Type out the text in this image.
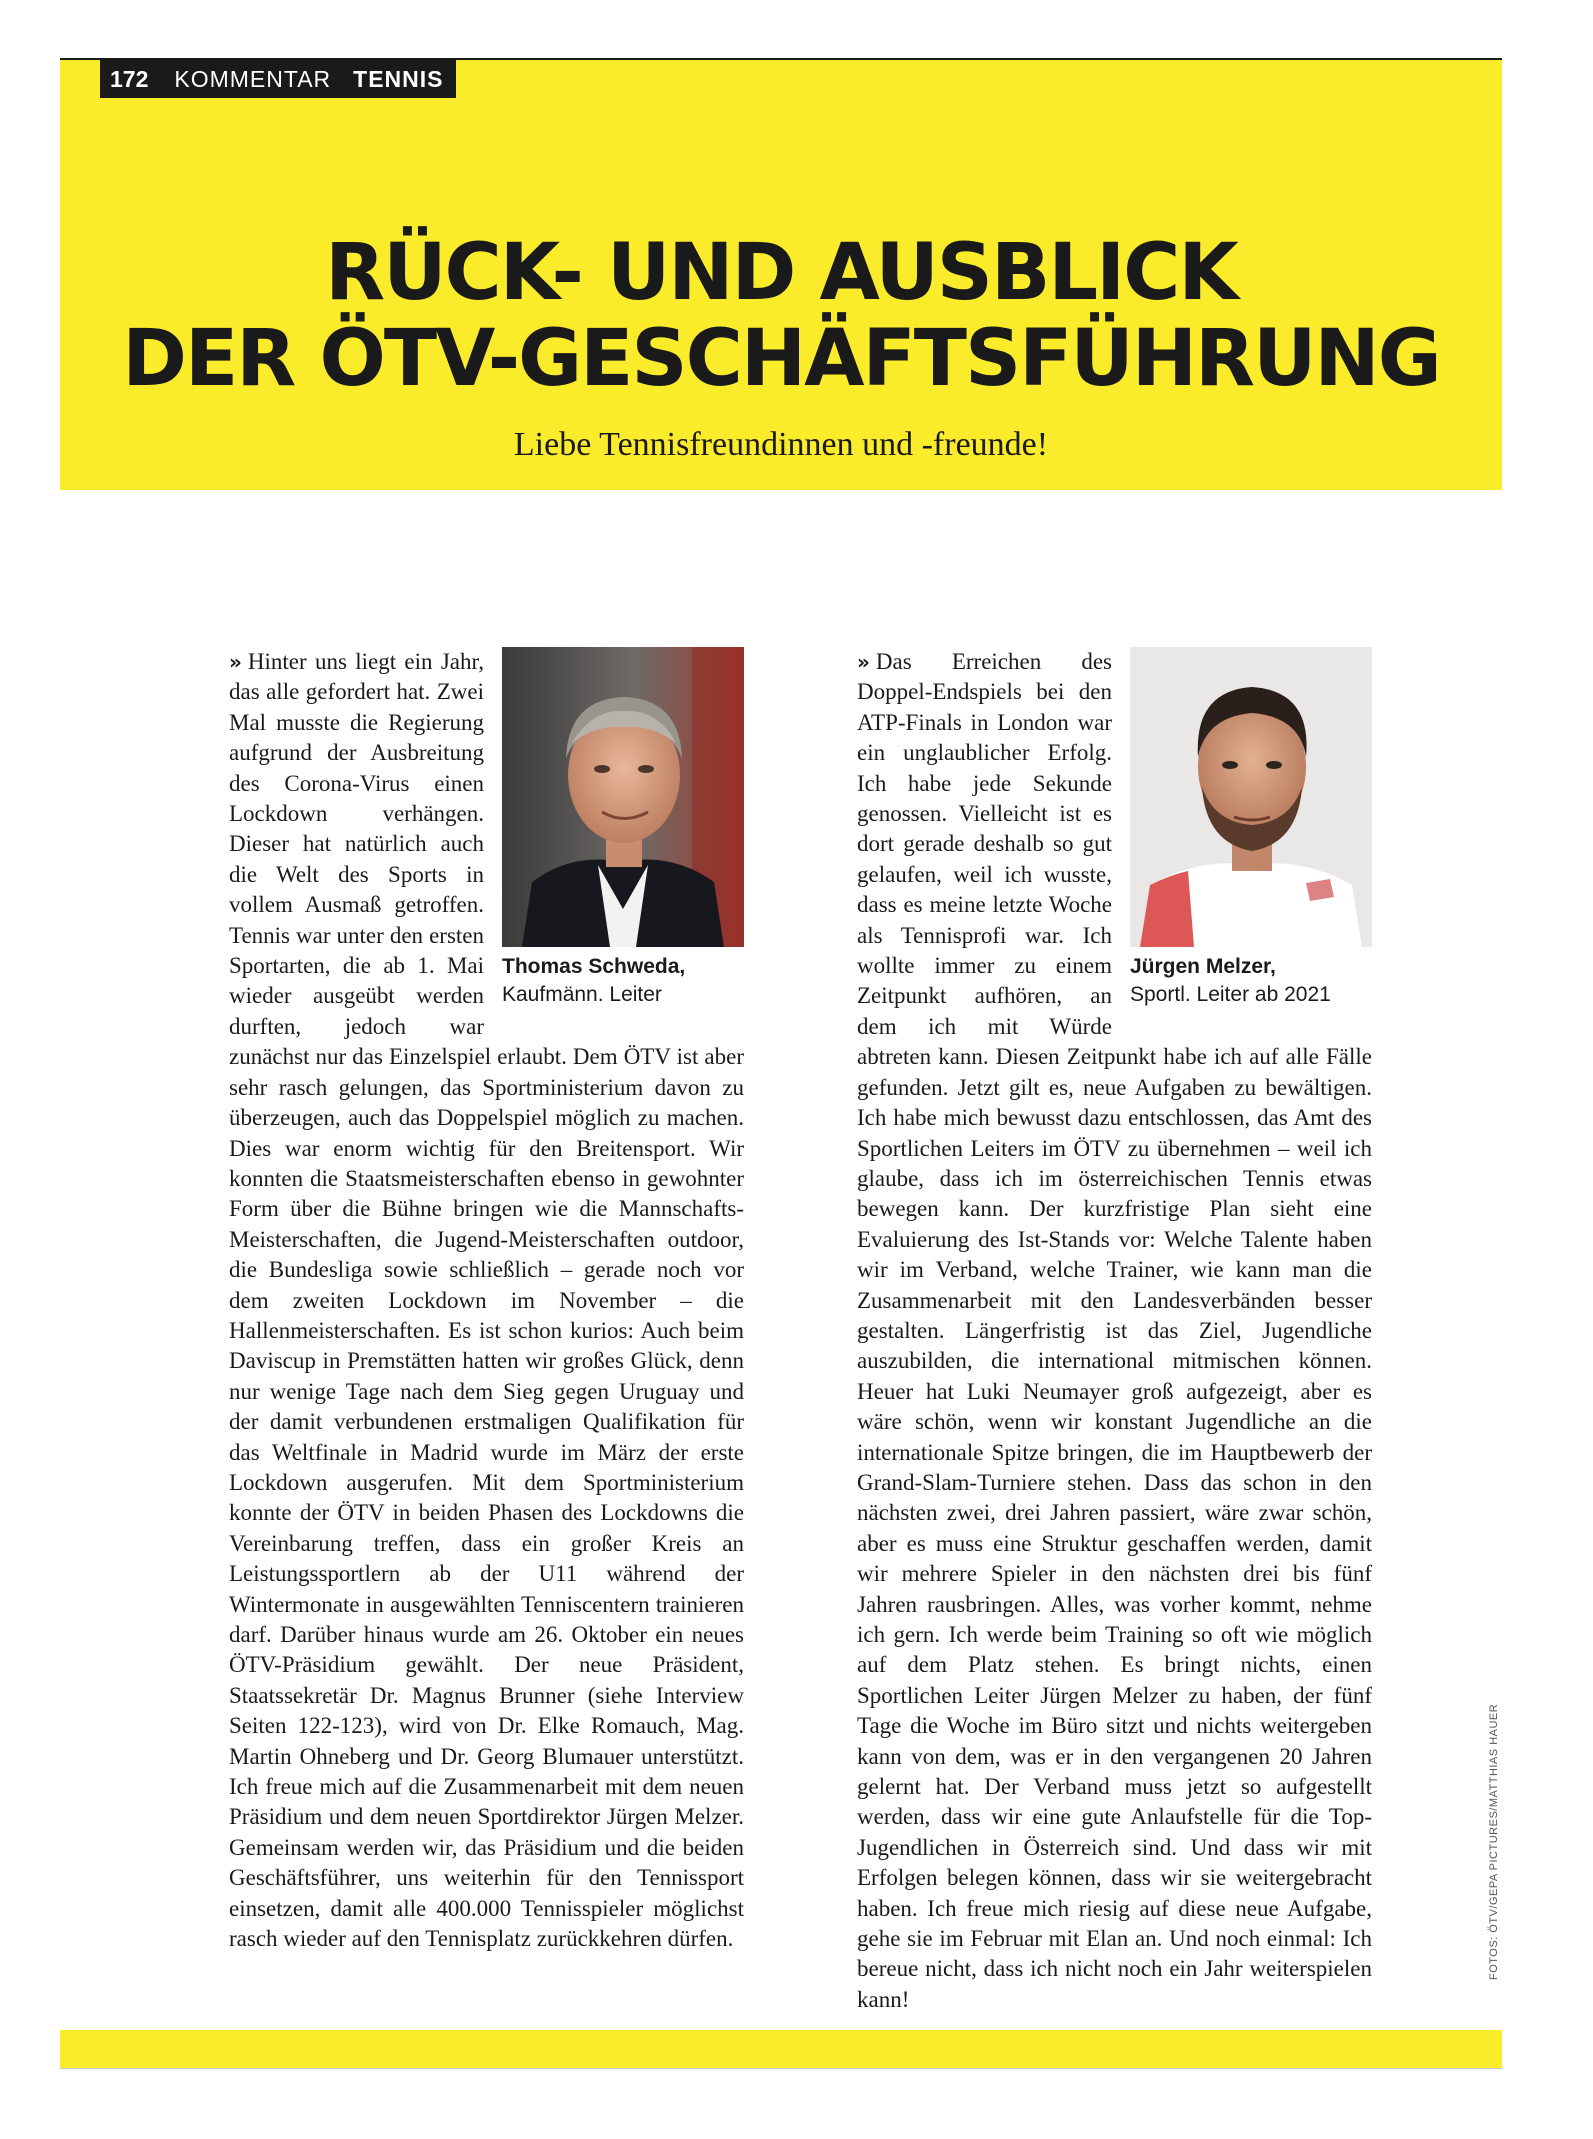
172 KOMMENTAR TENNIS
RÜCK- UND AUSBLICK
DER ÖTV-GESCHÄFTSFÜHRUNG
Liebe Tennisfreundinnen und -freunde!
Thomas Schweda,
Kaufmänn. Leiter

» Hinter uns liegt ein Jahr, das alle gefordert hat. Zwei Mal musste die Regierung aufgrund der Ausbreitung des Corona-Virus einen Lockdown verhängen. Dieser hat natürlich auch die Welt des Sports in vollem Ausmaß getroffen. Tennis war unter den ersten Sportarten, die ab 1. Mai wieder ausgeübt werden durften, jedoch war zunächst nur das Einzelspiel erlaubt. Dem ÖTV ist aber sehr rasch gelungen, das Sportministerium davon zu überzeugen, auch das Doppelspiel möglich zu machen. Dies war enorm wichtig für den Breitensport. Wir konnten die Staatsmeisterschaften ebenso in gewohnter Form über die Bühne bringen wie die Mannschafts-Meisterschaften, die Jugend-Meisterschaften outdoor, die Bundesliga sowie schließlich – gerade noch vor dem zweiten Lockdown im November – die Hallenmeisterschaften. Es ist schon kurios: Auch beim Daviscup in Premstätten hatten wir großes Glück, denn nur wenige Tage nach dem Sieg gegen Uruguay und der damit verbundenen erstmaligen Qualifikation für das Weltfinale in Madrid wurde im März der erste Lockdown ausgerufen. Mit dem Sportministerium konnte der ÖTV in beiden Phasen des Lockdowns die Vereinbarung treffen, dass ein großer Kreis an Leistungssportlern ab der U11 während der Wintermonate in ausgewählten Tenniscentern trainieren darf. Darüber hinaus wurde am 26. Oktober ein neues ÖTV-Präsidium gewählt. Der neue Präsident, Staatssekretär Dr. Magnus Brunner (siehe Interview Seiten 122-123), wird von Dr. Elke Romauch, Mag. Martin Ohneberg und Dr. Georg Blumauer unterstützt. Ich freue mich auf die Zusammenarbeit mit dem neuen Präsidium und dem neuen Sportdirektor Jürgen Melzer. Gemeinsam werden wir, das Präsidium und die beiden Geschäftsführer, uns weiterhin für den Tennissport einsetzen, damit alle 400.000 Tennisspieler möglichst rasch wieder auf den Tennisplatz zurückkehren dürfen.

Jürgen Melzer,
Sportl. Leiter ab 2021

» Das Erreichen des Doppel-Endspiels bei den ATP-Finals in London war ein unglaublicher Erfolg. Ich habe jede Sekunde genossen. Vielleicht ist es dort gerade deshalb so gut gelaufen, weil ich wusste, dass es meine letzte Woche als Tennisprofi war. Ich wollte immer zu einem Zeitpunkt aufhören, an dem ich mit Würde abtreten kann. Diesen Zeitpunkt habe ich auf alle Fälle gefunden. Jetzt gilt es, neue Aufgaben zu bewältigen. Ich habe mich bewusst dazu entschlossen, das Amt des Sportlichen Leiters im ÖTV zu übernehmen – weil ich glaube, dass ich im österreichischen Tennis etwas bewegen kann. Der kurzfristige Plan sieht eine Evaluierung des Ist-Stands vor: Welche Talente haben wir im Verband, welche Trainer, wie kann man die Zusammenarbeit mit den Landesverbänden besser gestalten. Längerfristig ist das Ziel, Jugendliche auszubilden, die international mitmischen können. Heuer hat Luki Neumayer groß aufgezeigt, aber es wäre schön, wenn wir konstant Jugendliche an die internationale Spitze bringen, die im Hauptbewerb der Grand-Slam-Turniere stehen. Dass das schon in den nächsten zwei, drei Jahren passiert, wäre zwar schön, aber es muss eine Struktur geschaffen werden, damit wir mehrere Spieler in den nächsten drei bis fünf Jahren rausbringen. Alles, was vorher kommt, nehme ich gern. Ich werde beim Training so oft wie möglich auf dem Platz stehen. Es bringt nichts, einen Sportlichen Leiter Jürgen Melzer zu haben, der fünf Tage die Woche im Büro sitzt und nichts weitergeben kann von dem, was er in den vergangenen 20 Jahren gelernt hat. Der Verband muss jetzt so aufgestellt werden, dass wir eine gute Anlaufstelle für die Top-Jugendlichen in Österreich sind. Und dass wir mit Erfolgen belegen können, dass wir sie weitergebracht haben. Ich freue mich riesig auf diese neue Aufgabe, gehe sie im Februar mit Elan an. Und noch einmal: Ich bereue nicht, dass ich nicht noch ein Jahr weiterspielen kann!

FOTOS: ÖTV/GEPA PICTURES/MATTHIAS HAUER
